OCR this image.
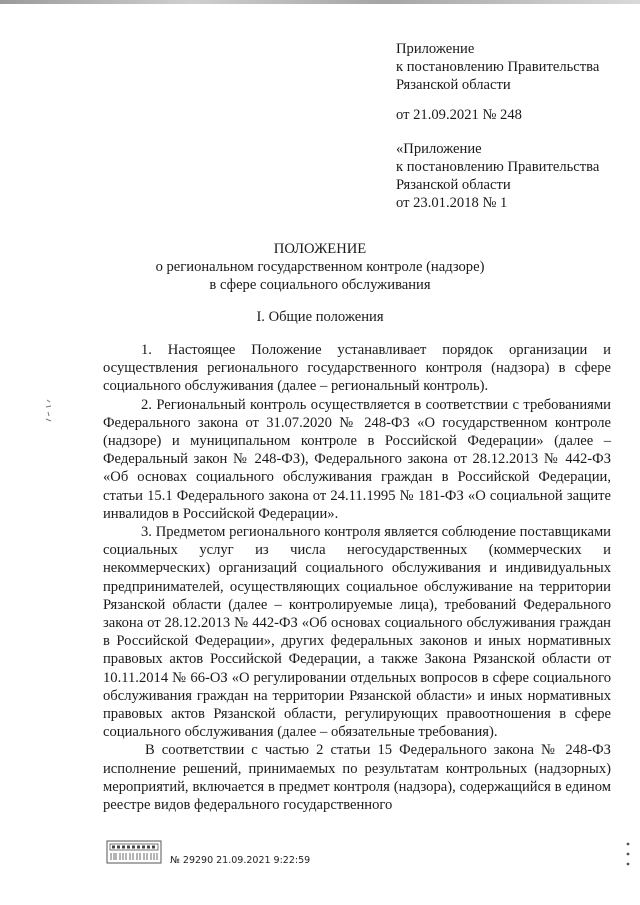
Приложение
к постановлению Правительства
Рязанской области
от 21.09.2021 № 248
«Приложение
к постановлению Правительства
Рязанской области
от 23.01.2018 № 1
ПОЛОЖЕНИЕ
о региональном государственном контроле (надзоре)
в сфере социального обслуживания
I. Общие положения

1. Настоящее Положение устанавливает порядок организации и осуществления регионального государственного контроля (надзора) в сфере социального обслуживания (далее – региональный контроль).

2. Региональный контроль осуществляется в соответствии с требованиями Федерального закона от 31.07.2020 № 248-ФЗ «О государственном контроле (надзоре) и муниципальном контроле в Российской Федерации» (далее – Федеральный закон № 248-ФЗ), Федерального закона от 28.12.2013 № 442-ФЗ «Об основах социального обслуживания граждан в Российской Федерации, статьи 15.1 Федерального закона от 24.11.1995 № 181-ФЗ «О социальной защите инвалидов в Российской Федерации».

3. Предметом регионального контроля является соблюдение поставщиками социальных услуг из числа негосударственных (коммерческих и некоммерческих) организаций социального обслуживания и индивидуальных предпринимателей, осуществляющих социальное обслуживание на территории Рязанской области (далее – контролируемые лица), требований Федерального закона от 28.12.2013 № 442-ФЗ «Об основах социального обслуживания граждан в Российской Федерации», других федеральных законов и иных нормативных правовых актов Российской Федерации, а также Закона Рязанской области от 10.11.2014 № 66-ОЗ «О регулировании отдельных вопросов в сфере социального обслуживания граждан на территории Рязанской области» и иных нормативных правовых актов Рязанской области, регулирующих правоотношения в сфере социального обслуживания (далее – обязательные требования).

В соответствии с частью 2 статьи 15 Федерального закона № 248-ФЗ исполнение решений, принимаемых по результатам контрольных (надзорных) мероприятий, включается в предмет контроля (надзора), содержащийся в едином реестре видов федерального государственного

№ 29290 21.09.2021 9:22:59
